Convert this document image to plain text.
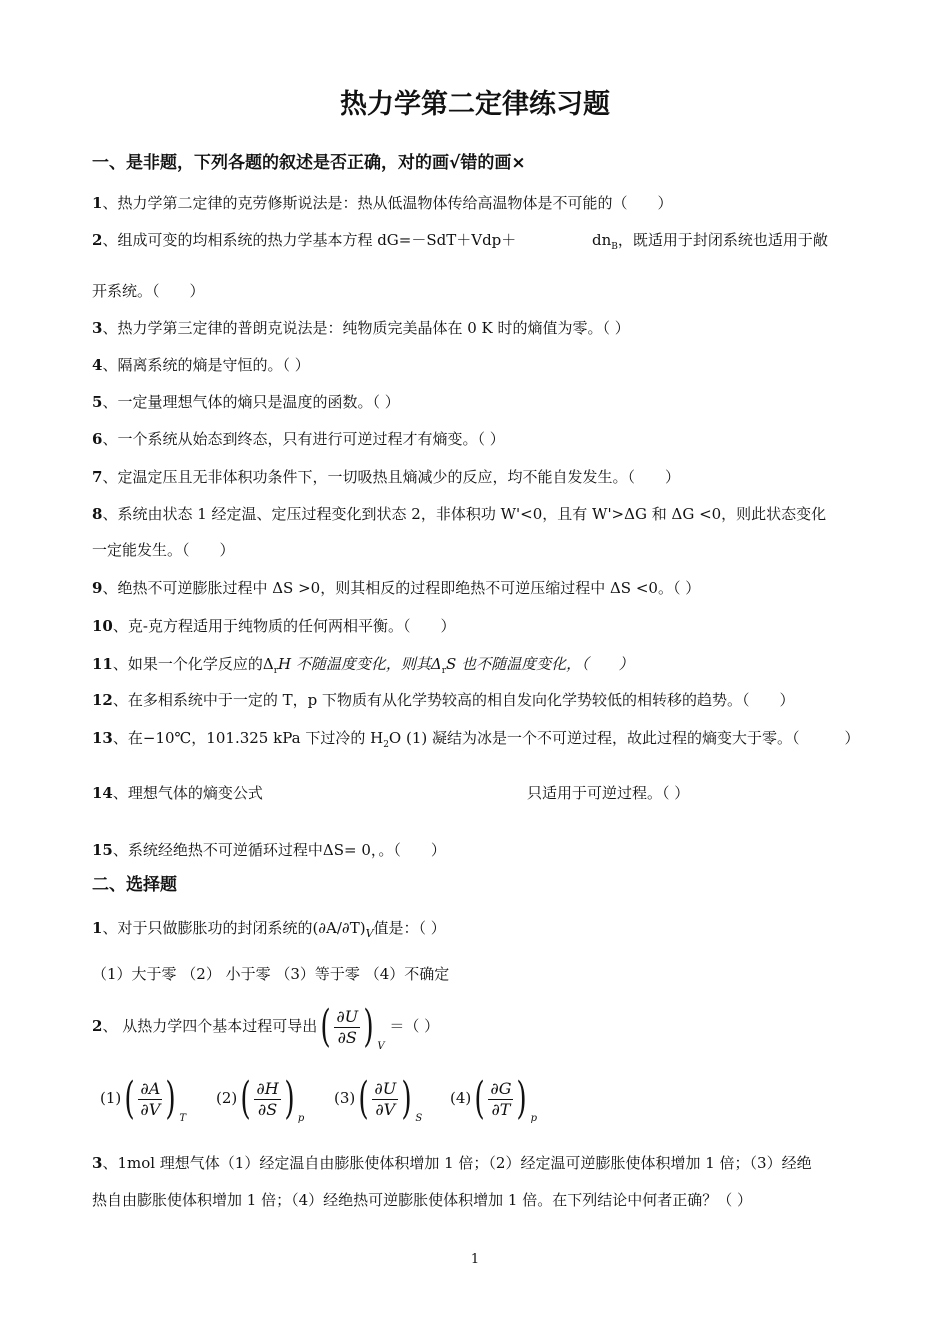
热力学第二定律练习题
一、是非题，下列各题的叙述是否正确，对的画√错的画×
1、热力学第二定律的克劳修斯说法是：热从低温物体传给高温物体是不可能的（　　）
2、组成可变的均相系统的热力学基本方程 dG=－SdT＋Vdp＋	$dn_B$，既适用于封闭系统也适用于敞
开系统。（　　）
3、热力学第三定律的普朗克说法是：纯物质完美晶体在 0 K 时的熵值为零。（ ）
4、隔离系统的熵是守恒的。（ ）
5、一定量理想气体的熵只是温度的函数。（ ）
6、一个系统从始态到终态，只有进行可逆过程才有熵变。（ ）
7、定温定压且无非体积功条件下，一切吸热且熵减少的反应，均不能自发发生。（　　）
8、系统由状态 1 经定温、定压过程变化到状态 2，非体积功 W'<0，且有 W'>ΔG 和 ΔG <0，则此状态变化
一定能发生。（　　）
9、绝热不可逆膨胀过程中 ΔS >0，则其相反的过程即绝热不可逆压缩过程中 ΔS <0。（ ）
10、克-克方程适用于纯物质的任何两相平衡。（　　）
11、如果一个化学反应的$\Delta_rH$ 不随温度变化，则其$\Delta_rS$ 也不随温度变化，（　　）
12、在多相系统中于一定的 T，p 下物质有从化学势较高的相自发向化学势较低的相转移的趋势。（　　）
13、在−10℃，101.325 kPa 下过冷的 $H_2O$ (1) 凝结为冰是一个不可逆过程，故此过程的熵变大于零。（　　　）
14、理想气体的熵变公式	只适用于可逆过程。（ ）
15、系统经绝热不可逆循环过程中ΔS= 0，。（　　）
二、选择题
1、对于只做膨胀功的封闭系统的$(\partial A/\partial T)_V$值是：（ ）
（1）大于零 （2） 小于零 （3）等于零 （4）不确定
2、 从热力学四个基本过程可导出( $\frac{\partial U}{\partial S}$ ) $_V$ ＝（ ）
$(1)( \frac{\partial A}{\partial V}$ ) $_T$
$(2)( \frac{\partial H}{\partial S}$ ) $_p$
$(3)( \frac{\partial U}{\partial V}$ ) $_S$
$(4)( \frac{\partial G}{\partial T}$ ) $_p$
3、1mol 理想气体（1）经定温自由膨胀使体积增加 1 倍；（2）经定温可逆膨胀使体积增加 1 倍；（3）经绝
热自由膨胀使体积增加 1 倍；（4）经绝热可逆膨胀使体积增加 1 倍。在下列结论中何者正确？（ ）
1
